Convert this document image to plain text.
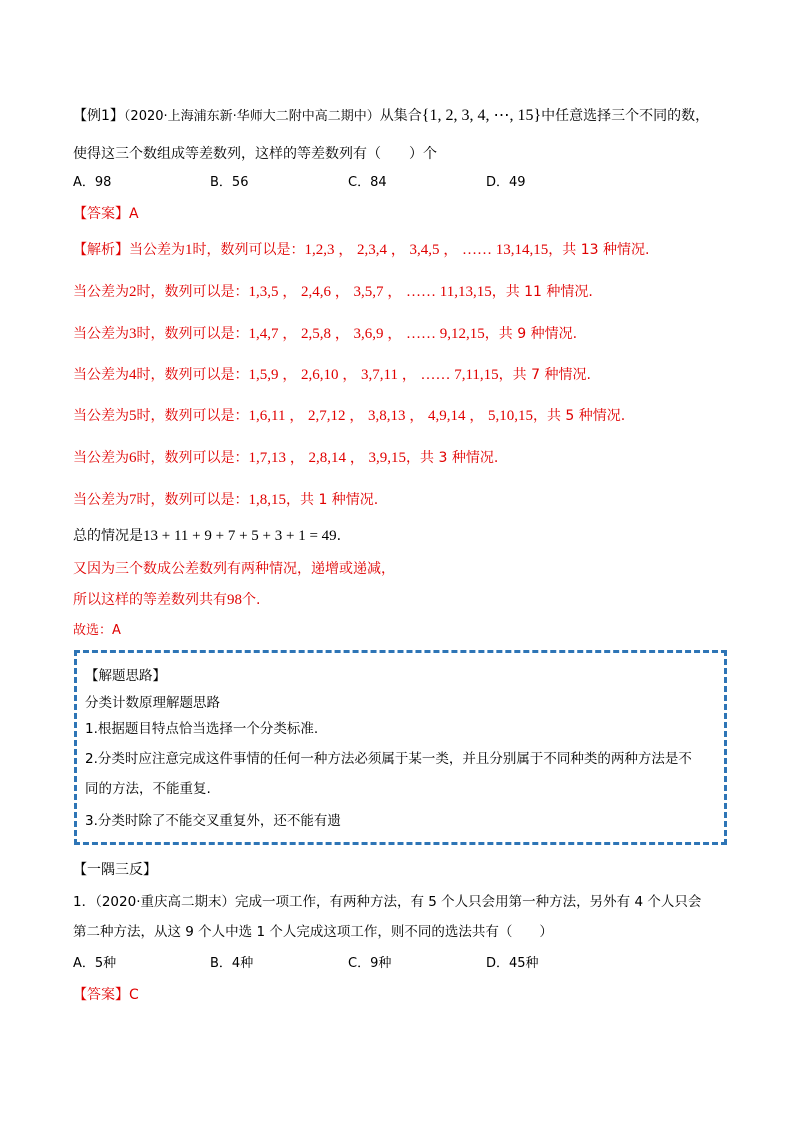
【例1】（2020·上海浦东新·华师大二附中高二期中）从集合{1, 2, 3, 4, ⋯, 15}中任意选择三个不同的数，
使得这三个数组成等差数列，这样的等差数列有（　　）个
A．98	B．56	C．84	D．49
【答案】A
【解析】当公差为1时，数列可以是：1,2,3 ， 2,3,4 ， 3,4,5 ， …… 13,14,15，共 13 种情况.
当公差为2时，数列可以是：1,3,5 ， 2,4,6 ， 3,5,7 ， …… 11,13,15，共 11 种情况.
当公差为3时，数列可以是：1,4,7 ， 2,5,8 ， 3,6,9 ， …… 9,12,15，共 9 种情况.
当公差为4时，数列可以是：1,5,9 ， 2,6,10 ， 3,7,11 ， …… 7,11,15，共 7 种情况.
当公差为5时，数列可以是：1,6,11 ， 2,7,12 ， 3,8,13 ， 4,9,14 ， 5,10,15，共 5 种情况.
当公差为6时，数列可以是：1,7,13 ， 2,8,14 ， 3,9,15，共 3 种情况.
当公差为7时，数列可以是：1,8,15，共 1 种情况.
总的情况是13 + 11 + 9 + 7 + 5 + 3 + 1 = 49.
又因为三个数成公差数列有两种情况，递增或递减，
所以这样的等差数列共有98个.
故选：A
【解题思路】
分类计数原理解题思路
1.根据题目特点恰当选择一个分类标准.
2.分类时应注意完成这件事情的任何一种方法必须属于某一类，并且分别属于不同种类的两种方法是不
同的方法，不能重复.
3.分类时除了不能交叉重复外，还不能有遗
【一隅三反】
1．（2020·重庆高二期末）完成一项工作，有两种方法，有 5 个人只会用第一种方法，另外有 4 个人只会
第二种方法，从这 9 个人中选 1 个人完成这项工作，则不同的选法共有（　　）
A．5种	B．4种	C．9种	D．45种
【答案】C
